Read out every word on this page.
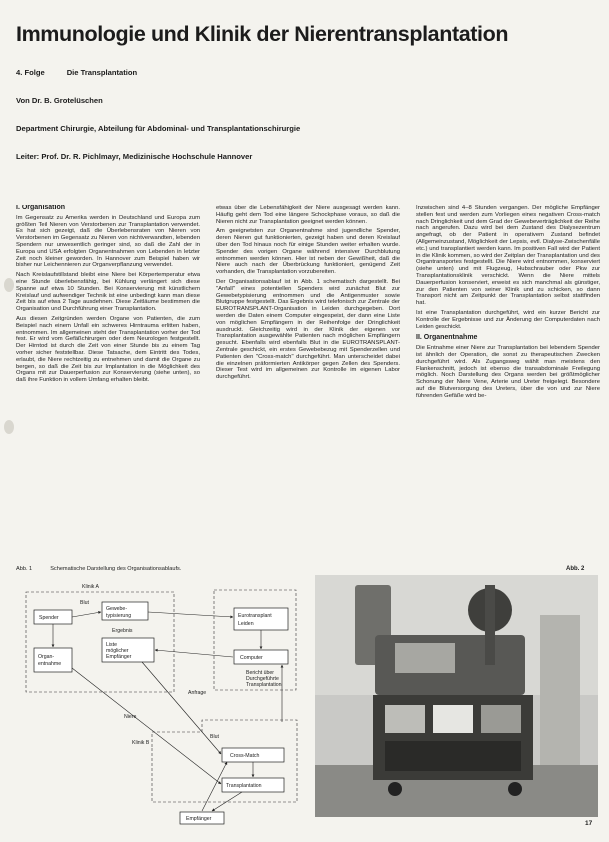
Immunologie und Klinik der Nierentransplantation
4. Folge	Die Transplantation
Von Dr. B. Grotelüschen
Department Chirurgie, Abteilung für Abdominal- und Transplantationschirurgie
Leiter: Prof. Dr. R. Pichlmayr, Medizinische Hochschule Hannover
I. Organisation

Im Gegensatz zu Amerika werden in Deutschland und Europa zum größten Teil Nieren von Verstorbenen zur Transplantation verwendet. Es hat sich gezeigt, daß die Überlebensraten von Nieren von Verstorbenen im Gegensatz zu Nieren von nichtverwandten, lebenden Spendern nur unwesentlich geringer sind, so daß die Zahl der in Europa und USA erfolgten Organentnahmen von Lebenden in letzter Zeit noch kleiner geworden. In Hannover zum Beispiel haben wir bisher nur Leichennieren zur Organverpflanzung verwendet.

Nach Kreislaufstillstand bleibt eine Niere bei Körpertemperatur etwa eine Stunde überlebensfähig, bei Kühlung verlängert sich diese Spanne auf etwa 10 Stunden. Bei Konservierung mit künstlichem Kreislauf und aufwendiger Technik ist eine unbedingt kann man diese Zeit bis auf etwa 2 Tage ausdehnen. Diese Zeitläume bestimmen die Organisation und Durchführung einer Transplantation.

Aus diesen Zeitgründen werden Organe von Patienten, die zum Beispiel nach einem Unfall ein schweres Hirntrauma erlitten haben, entnommen. Im allgemeinen steht der Transplantation vorher der Tod fest. Er wird vom Gefäßchirurgen oder dem Neurologen festgestellt. Der Hirntod ist durch die Zeit von einer Stunde bis zu einem Tag vorher sicher feststellbar. Diese Tatsache, dem Eintritt des Todes, erlaubt, die Niere rechtzeitig zu entnehmen und damit die Organe zu bergen, so daß die Zeit bis zur Implantation in die Möglichkeit des Organs mit zur Dauerperfusion zur Konservierung (siehe unten), so daß ihre Funktion in vollem Umfang erhalten bleibt.

etwas über die Lebensfähigkeit der Niere ausgesagt werden kann. Häufig geht dem Tod eine längere Schockphase voraus, so daß die Nieren nicht zur Transplantation geeignet werden können.

Am geeignetsten zur Organentnahme sind jugendliche Spender, deren Nieren gut funktionierten, gezeigt haben und deren Kreislauf über den Tod hinaus noch für einige Stunden weiter erhalten wurde. Spender des vorigen Organe während intensiver Durchblutung entnommen werden können. Hier ist neben der Gewißheit, daß die Niere auch nach der Überbrückung funktioniert, genügend Zeit vorhanden, die Transplantation vorzubereiten.

Der Organisationsablauf ist in Abb. 1 schematisch dargestellt. Bei "Anfall" eines potentiellen Spenders wird zunächst Blut zur Gewebetypisierung entnommen und die Antigenmuster sowie Blutgruppe festgestellt. Das Ergebnis wird telefonisch zur Zentrale der EUROTRANSPLANT-Organisation in Leiden durchgegeben. Dort werden die Daten einem Computer eingespeist, der dann eine Liste von möglichen Empfängern in der Reihenfolge der Dringlichkeit ausdruckt. Gleichzeitig wird in der Klinik der eigenen vor Transplantation ausgewählte Patienten nach möglichen Empfängern gesucht. Ebenfalls wird ebenfalls Blut in die EUROTRANSPLANT-Zentrale geschickt, ein erstes Gewebebezug mit Spenderzellen und Patienten den "Cross-match" durchgeführt. Man unterscheidet dabei die einzelnen präformierten Antikörper gegen Zellen des Spenders. Dieser Test wird im allgemeinen zur Kontrolle im eigenen Labor durchgeführt.

Inzwischen sind 4–8 Stunden vergangen. Der mögliche Empfänger stellen fest und werden zum Vorliegen eines negativen Cross-match nach Dringlichkeit und dem Grad der Gewebeverträglichkeit der Reihe nach angerufen. Dazu wird bei dem Zustand des Dialysezentrum angefragt, ob der Patient in operativem Zustand befindet (Allgemeinzustand, Möglichkeit der Lepsis, evtl. Dialyse-Zwischenfälle etc.) und transplantiert werden kann. Im positiven Fall wird der Patient in die Klinik kommen, so wird der Zeitplan der Transplantation und des Organtransportes festgestellt. Die Niere wird entnommen, konserviert (siehe unten) und mit Flugzeug, Hubschrauber oder Pkw zur Transplantationsklinik verschickt. Wenn die Niere mittels Dauerperfusion konserviert, erweist es sich manchmal als günstiger, zur den Patienten von seiner Klinik und zu schicken, so dann Transport nicht am Zeitpunkt der Transplantation selbst stattfinden hat.

Ist eine Transplantation durchgeführt, wird ein kurzer Bericht zur Kontrolle der Ergebnisse und zur Änderung der Computerdaten nach Leiden geschickt.

II. Organentnahme

Die Entnahme einer Niere zur Transplantation bei lebendem Spender ist ähnlich der Operation, die sonst zu therapeutischen Zwecken durchgeführt wird. Als Zugangsweg wählt man meistens den Flankenschnitt, jedoch ist ebenso die transabdominale Freilegung möglich. Noch Darstellung des Organs werden bei größtmöglicher Schonung der Niere Vene, Arterie und Ureter freigelegt. Besondere auf die Blutversorgung des Ureters, über die von und zur Niere führenden Gefäße wird be-

Abb. 1	Schematische Darstellung des Organisationsablaufs.	Abb. 2
Klinik A
Klinik B
Spender
Organ-entnahme
Gewebe-typisierung
Liste möglicher Empfänger
Eurotransplant
Leiden
Computer
Cross-Match
Transplantation
Empfänger
Blut
Ergebnis
Anfrage
Niere
Blut
Bericht über Durchgeführte Transplantation
17
